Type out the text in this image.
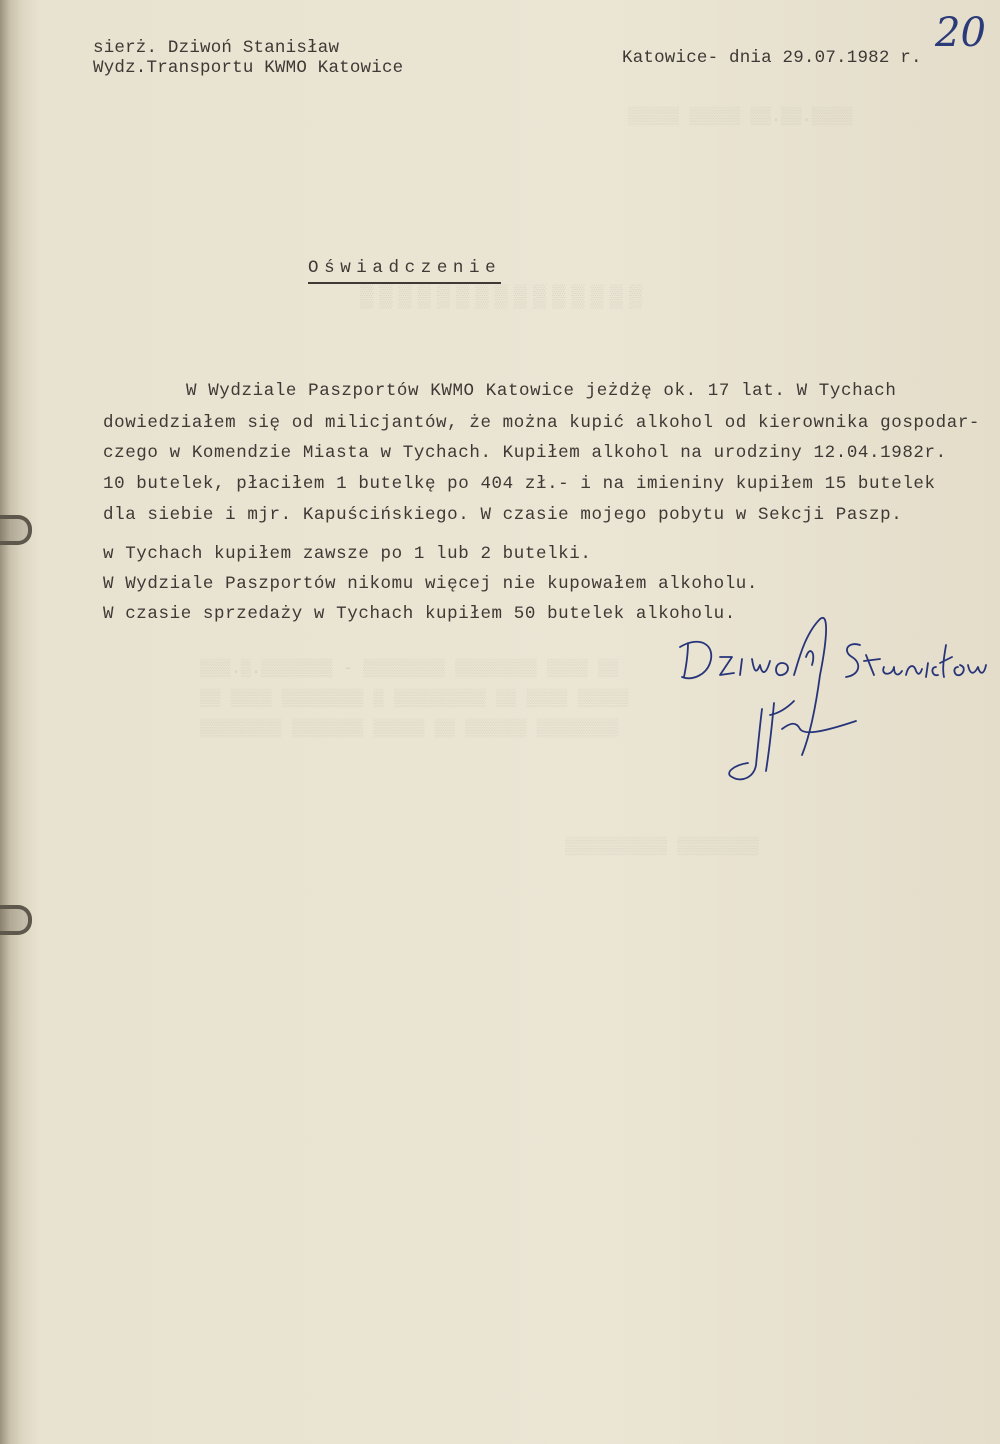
▒▒▒▒▒ ▒▒▒▒▒ ▒▒.▒▒.▒▒▒▒
▒▒▒▒▒▒▒▒▒▒▒▒▒▒▒
▒▒▒.▒.▒▒▒▒▒▒▒ - ▒▒▒▒▒▒▒▒ ▒▒▒▒▒▒▒▒ ▒▒▒▒ ▒▒
▒▒ ▒▒▒▒ ▒▒▒▒▒▒▒▒ ▒ ▒▒▒▒▒▒▒▒▒ ▒▒ ▒▒▒▒ ▒▒▒▒▒
▒▒▒▒▒▒▒▒ ▒▒▒▒▒▒▒ ▒▒▒▒▒ ▒▒ ▒▒▒▒▒▒ ▒▒▒▒▒▒▒▒
▒▒▒▒▒▒▒▒▒▒ ▒▒▒▒▒▒▒▒
sierż. Dziwoń Stanisław
Wydz.Transportu KWMO Katowice	Katowice- dnia 29.07.1982 r.
20
Oświadczenie
W Wydziale Paszportów KWMO Katowice jeżdżę ok. 17 lat. W Tychach
dowiedziałem się od milicjantów, że można kupić alkohol od kierownika gospodar-
czego w Komendzie Miasta w Tychach. Kupiłem alkohol na urodziny 12.04.1982r.
10 butelek, płaciłem 1 butelkę po 404 zł.- i na imieniny kupiłem 15 butelek
dla siebie i mjr. Kapuścińskiego. W czasie mojego pobytu w Sekcji Paszp.
w Tychach kupiłem zawsze po 1 lub 2 butelki.
W Wydziale Paszportów nikomu więcej nie kupowałem alkoholu.
W czasie sprzedaży w Tychach kupiłem 50 butelek alkoholu.
